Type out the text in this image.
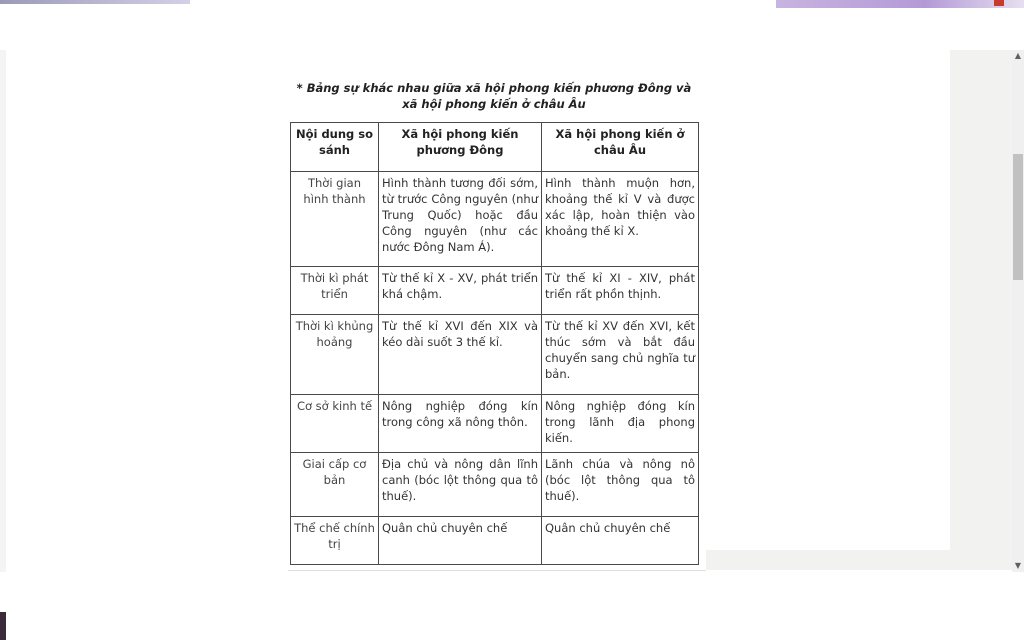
▲
▼

* Bảng sự khác nhau giữa xã hội phong kiến phương Đông và xã hội phong kiến ở châu Âu

Nội dung so sánh	Xã hội phong kiến phương Đông	Xã hội phong kiến ở châu Âu
Thời gian hình thành	Hình thành tương đối sớm, từ trước Công nguyên (như Trung Quốc) hoặc đầu Công nguyên (như các nước Đông Nam Á).	Hình thành muộn hơn, khoảng thế kỉ V và được xác lập, hoàn thiện vào khoảng thế kỉ X.
Thời kì phát triển	Từ thế kỉ X - XV, phát triển khá chậm.	Từ thế kỉ XI - XIV, phát triển rất phồn thịnh.
Thời kì khủng hoảng	Từ thế kỉ XVI đến XIX và kéo dài suốt 3 thế kỉ.	Từ thế kỉ XV đến XVI, kết thúc sớm và bắt đầu chuyển sang chủ nghĩa tư bản.
Cơ sở kinh tế	Nông nghiệp đóng kín trong công xã nông thôn.	Nông nghiệp đóng kín trong lãnh địa phong kiến.
Giai cấp cơ bản	Địa chủ và nông dân lĩnh canh (bóc lột thông qua tô thuế).	Lãnh chúa và nông nô (bóc lột thông qua tô thuế).
Thể chế chính trị	Quân chủ chuyên chế	Quân chủ chuyên chế
